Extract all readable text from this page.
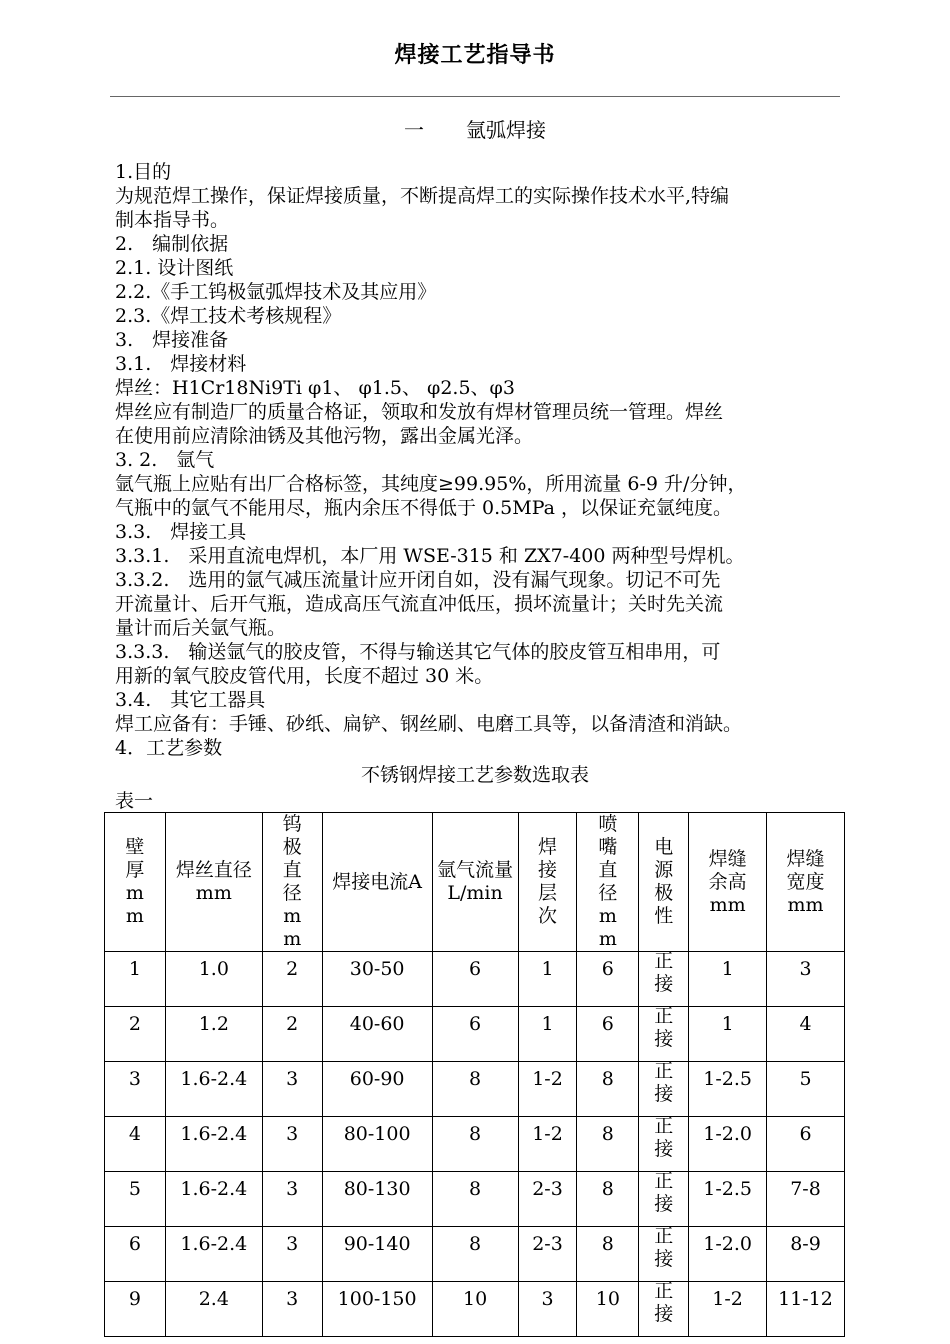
焊接工艺指导书
一 氩弧焊接
1.目的
为规范焊工操作，保证焊接质量，不断提高焊工的实际操作技术水平,特编
制本指导书。
2.　编制依据
2.1. 设计图纸
2.2.《手工钨极氩弧焊技术及其应用》
2.3.《焊工技术考核规程》
3.　焊接准备
3.1.　焊接材料
焊丝：H1Cr18Ni9Ti φ1、 φ1.5、 φ2.5、φ3
焊丝应有制造厂的质量合格证，领取和发放有焊材管理员统一管理。焊丝
在使用前应清除油锈及其他污物，露出金属光泽。
3. 2.　氩气
氩气瓶上应贴有出厂合格标签，其纯度≥99.95%，所用流量 6-9 升/分钟，
气瓶中的氩气不能用尽，瓶内余压不得低于 0.5MPa ，以保证充氩纯度。
3.3.　焊接工具
3.3.1.　采用直流电焊机，本厂用 WSE-315 和 ZX7-400 两种型号焊机。
3.3.2.　选用的氩气减压流量计应开闭自如，没有漏气现象。切记不可先
开流量计、后开气瓶，造成高压气流直冲低压，损坏流量计；关时先关流
量计而后关氩气瓶。
3.3.3.　输送氩气的胶皮管，不得与输送其它气体的胶皮管互相串用，可
用新的氧气胶皮管代用，长度不超过 30 米。
3.4.　其它工器具
焊工应备有：手锤、砂纸、扁铲、钢丝刷、电磨工具等，以备清渣和消缺。
4．工艺参数
不锈钢焊接工艺参数选取表
表一
壁厚mm	焊丝直径 mm	钨极直径mm	焊接电流A	氩气流量L/min	焊接层次	喷嘴直径mm	电源极性	焊缝余高mm	焊缝宽度mm
1	1.0	2	30-50	6	1	6	正接	1	3
2	1.2	2	40-60	6	1	6	正接	1	4
3	1.6-2.4	3	60-90	8	1-2	8	正接	1-2.5	5
4	1.6-2.4	3	80-100	8	1-2	8	正接	1-2.0	6
5	1.6-2.4	3	80-130	8	2-3	8	正接	1-2.5	7-8
6	1.6-2.4	3	90-140	8	2-3	8	正接	1-2.0	8-9
9	2.4	3	100-150	10	3	10	正接	1-2	11-12
